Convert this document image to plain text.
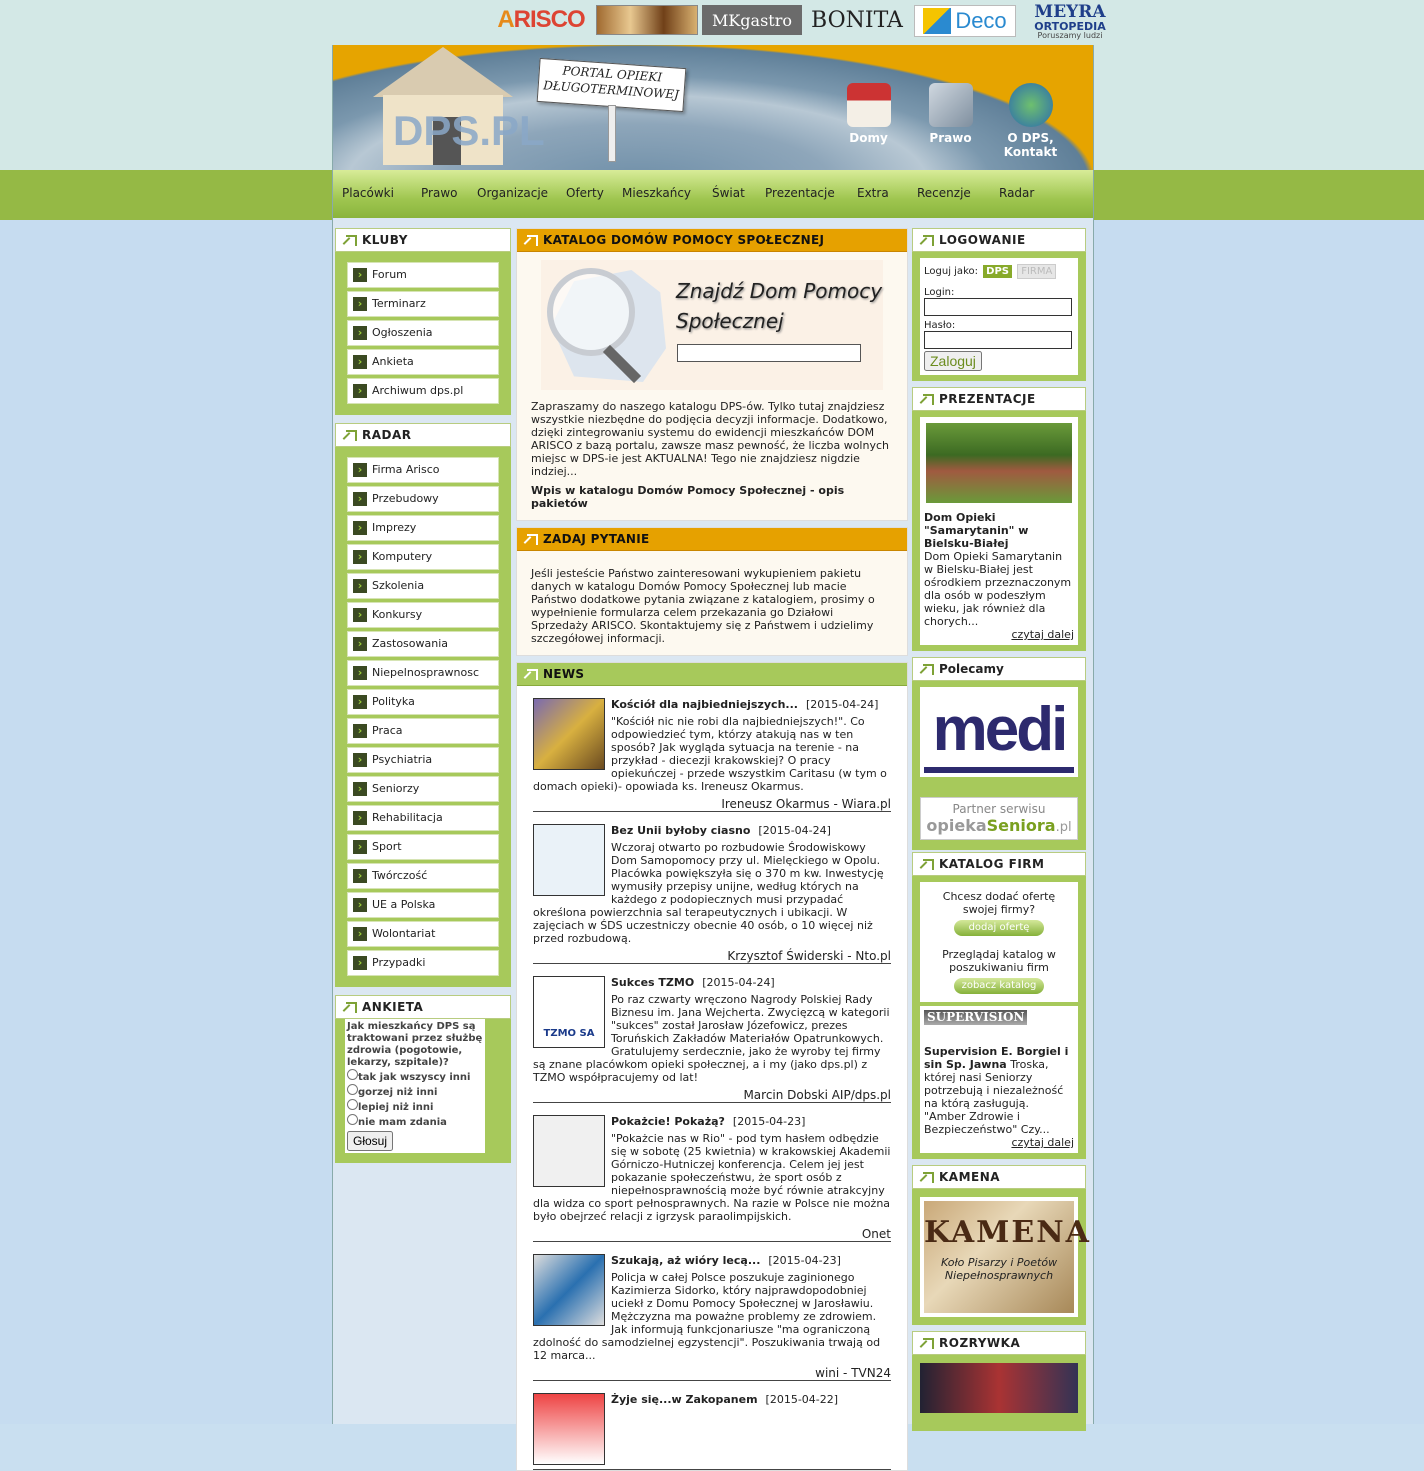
A RISCO	MKgastro BONITA Deco MEYRA
ORTOPEDIA
Poruszamy ludzi
DPS.PL
PORTAL OPIEKI
DŁUGOTERMINOWEJ
Domy	Prawo	O DPS,
Kontakt
Placówki Prawo Organizacje Oferty Mieszkańcy Świat Prezentacje Extra Recenzje Radar
KLUBY
› Forum
› Terminarz
› Ogłoszenia
› Ankieta
› Archiwum dps.pl
RADAR
› Firma Arisco
› Przebudowy
› Imprezy
› Komputery
› Szkolenia
› Konkursy
› Zastosowania
› Niepelnosprawnosc
› Polityka
› Praca
› Psychiatria
› Seniorzy
› Rehabilitacja
› Sport
› Twórczość
› UE a Polska
› Wolontariat
› Przypadki
ANKIETA
Jak mieszkańcy DPS są traktowani przez służbę zdrowia (pogotowie, lekarzy, szpitale)?
tak jak wszyscy inni
gorzej niż inni
lepiej niż inni
nie mam zdania
Głosuj
KATALOG DOMÓW POMOCY SPOŁECZNEJ
Znajdź Dom Pomocy
Społecznej
Zapraszamy do naszego katalogu DPS-ów. Tylko tutaj znajdziesz wszystkie niezbędne do podjęcia decyzji informacje. Dodatkowo, dzięki zintegrowaniu systemu do ewidencji mieszkańców DOM ARISCO z bazą portalu, zawsze masz pewność, że liczba wolnych miejsc w DPS-ie jest AKTUALNA! Tego nie znajdziesz nigdzie indziej...
Wpis w katalogu Domów Pomocy Społecznej - opis pakietów
ZADAJ PYTANIE
Jeśli jesteście Państwo zainteresowani wykupieniem pakietu danych w katalogu Domów Pomocy Społecznej lub macie Państwo dodatkowe pytania związane z katalogiem, prosimy o wypełnienie formularza celem przekazania go Działowi Sprzedaży ARISCO. Skontaktujemy się z Państwem i udzielimy szczegółowej informacji.
NEWS
Kościół dla najbiedniejszych... [2015-04-24]
"Kościół nic nie robi dla najbiedniejszych!". Co odpowiedzieć tym, którzy atakują nas w ten sposób? Jak wygląda sytuacja na terenie - na przykład - diecezji krakowskiej? O pracy opiekuńczej - przede wszystkim Caritasu (w tym o domach opieki)- opowiada ks. Ireneusz Okarmus.
Ireneusz Okarmus - Wiara.pl
Bez Unii byłoby ciasno [2015-04-24]
Wczoraj otwarto po rozbudowie Środowiskowy Dom Samopomocy przy ul. Mielęckiego w Opolu. Placówka powiększyła się o 370 m kw. Inwestycję wymusiły przepisy unijne, według których na każdego z podopiecznych musi przypadać określona powierzchnia sal terapeutycznych i ubikacji. W zajęciach w ŚDS uczestniczy obecnie 40 osób, o 10 więcej niż przed rozbudową.
Krzysztof Świderski - Nto.pl
TZMO SA
Sukces TZMO [2015-04-24]
Po raz czwarty wręczono Nagrody Polskiej Rady Biznesu im. Jana Wejcherta. Zwycięzcą w kategorii "sukces" został Jarosław Józefowicz, prezes Toruńskich Zakładów Materiałów Opatrunkowych. Gratulujemy serdecznie, jako że wyroby tej firmy są znane placówkom opieki społecznej, a i my (jako dps.pl) z TZMO współpracujemy od lat!
Marcin Dobski AIP/dps.pl
Pokażcie! Pokażą? [2015-04-23]
"Pokażcie nas w Rio" - pod tym hasłem odbędzie się w sobotę (25 kwietnia) w krakowskiej Akademii Górniczo-Hutniczej konferencja. Celem jej jest pokazanie społeczeństwu, że sport osób z niepełnosprawnością może być równie atrakcyjny dla widza co sport pełnosprawnych. Na razie w Polsce nie można było obejrzeć relacji z igrzysk paraolimpijskich.
Onet
Szukają, aż wióry lecą... [2015-04-23]
Policja w całej Polsce poszukuje zaginionego Kazimierza Sidorko, który najprawdopodobniej uciekł z Domu Pomocy Społecznej w Jarosławiu. Mężczyzna ma poważne problemy ze zdrowiem. Jak informują funkcjonariusze "ma ograniczoną zdolność do samodzielnej egzystencji". Poszukiwania trwają od 12 marca...
wini - TVN24
Żyje się...w Zakopanem [2015-04-22]
LOGOWANIE
Loguj jako: DPS FIRMA
Login:
Hasło:
Zaloguj
PREZENTACJE
Dom Opieki "Samarytanin" w Bielsku-Białej
Dom Opieki Samarytanin w Bielsku-Białej jest ośrodkiem przeznaczonym dla osób w podeszłym wieku, jak również dla chorych...
czytaj dalej
Polecamy
medi
Partner serwisu
opiekaSeniora.pl
KATALOG FIRM
Chcesz dodać ofertę swojej firmy?
dodaj ofertę
Przeglądaj katalog w poszukiwaniu firm
zobacz katalog
SUPERVISION
Supervision E. Borgiel i sin Sp. Jawna Troska, której nasi Seniorzy potrzebują i niezależność na którą zasługują. "Amber Zdrowie i Bezpieczeństwo" Czy...
czytaj dalej
KAMENA
KAMENA
Koło Pisarzy i Poetów Niepełnosprawnych
ROZRYWKA
